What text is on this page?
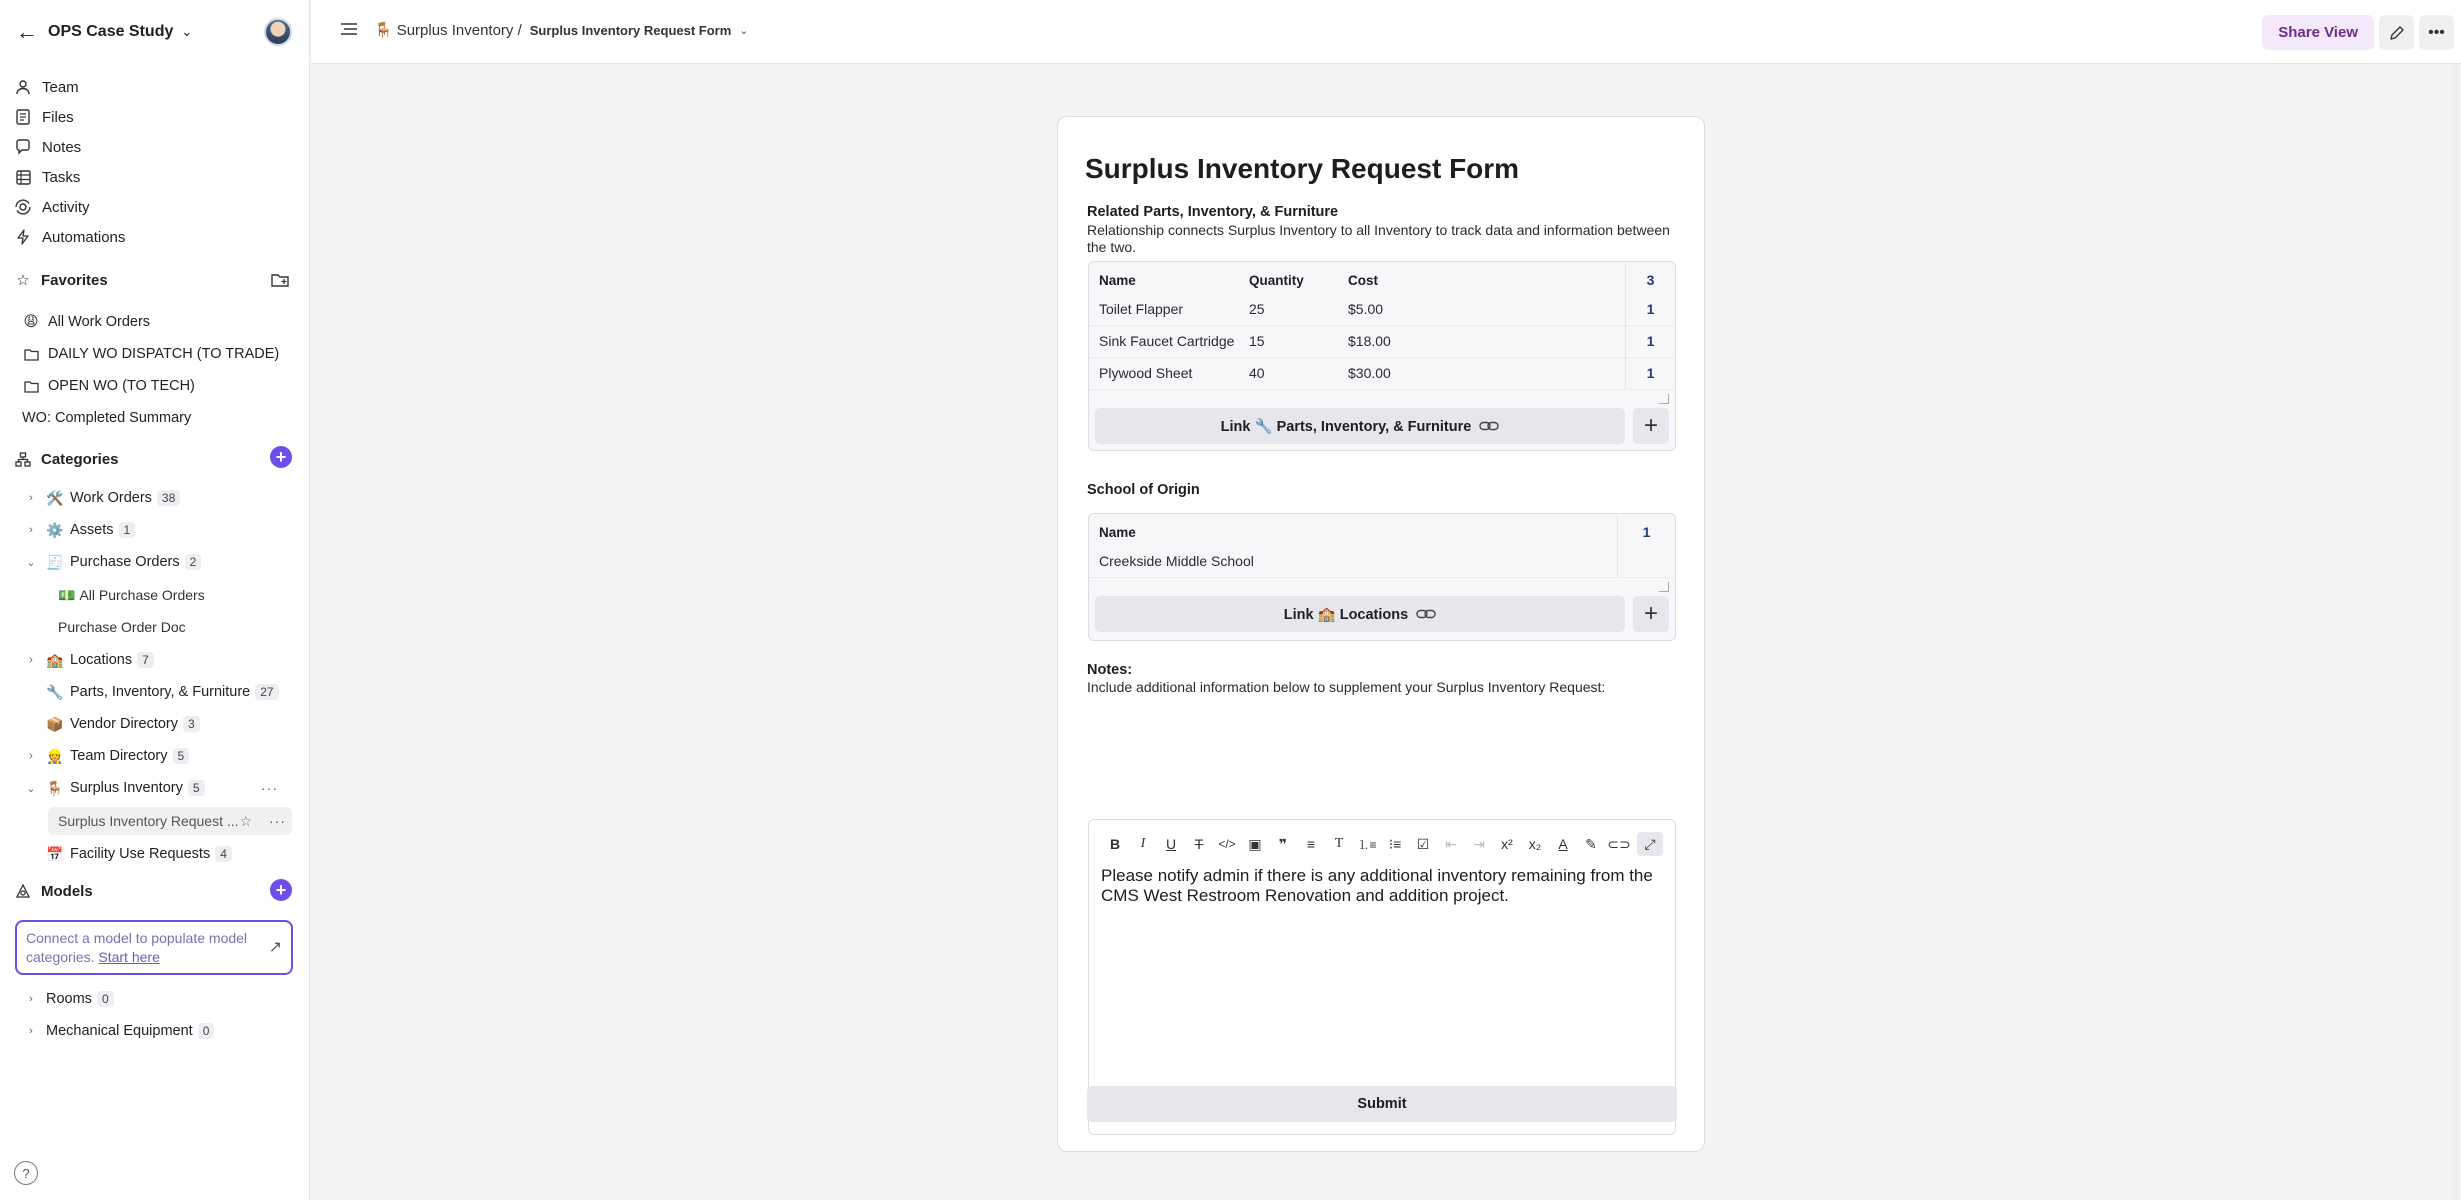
← OPS Case Study ⌄
Team
Files
Notes
Tasks
Activity
Automations
☆ Favorites
😩 All Work Orders
DAILY WO DISPATCH (TO TRADE)
OPEN WO (TO TECH)
WO: Completed Summary
Categories	+
› 🛠️ Work Orders 38
› ⚙️ Assets 1
⌄ 🧾 Purchase Orders 2
💵 All Purchase Orders
Purchase Order Doc
› 🏫 Locations 7
🔧 Parts, Inventory, & Furniture 27
📦 Vendor Directory 3
› 👷 Team Directory 5
⌄ 🪑 Surplus Inventory 5	···
Surplus Inventory Request ... ☆ ···
📅 Facility Use Requests 4
Models	+
Connect a model to populate model categories. Start here
↗
› Rooms 0
› Mechanical Equipment 0
?
🪑 Surplus Inventory / Surplus Inventory Request Form ⌄	Share View	•••
Surplus Inventory Request Form
Related Parts, Inventory, & Furniture
Relationship connects Surplus Inventory to all Inventory to track data and information between the two.
Name	Quantity	Cost	3
Toilet Flapper	25	$5.00	1
Sink Faucet Cartridge 15	$18.00	1
Plywood Sheet	40	$30.00	1
Link 🔧 Parts, Inventory, & Furniture	+
School of Origin
Name	1
Creekside Middle School
Link 🏫 Locations	+
Notes:
Include additional information below to supplement your Surplus Inventory Request:
B	I	U	T	</> ▣	❞	≡	T	⒈≡ ⁝≡	☑	⇤	⇥	x²	x₂	A	✎ ⊂⊃ ⤢
Please notify admin if there is any additional inventory remaining from the CMS West Restroom Renovation and addition project.
Submit
